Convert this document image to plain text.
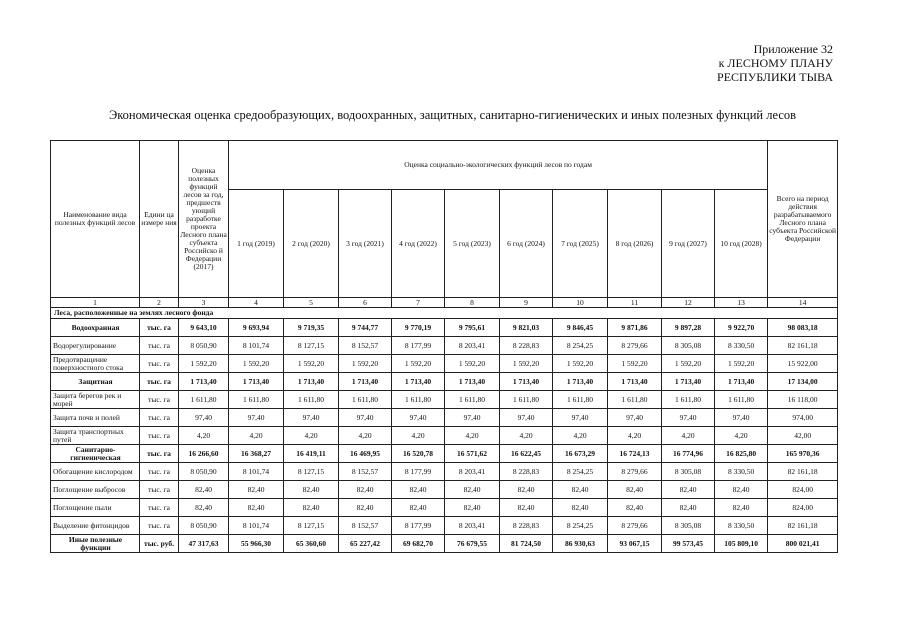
Приложение 32
к ЛЕСНОМУ ПЛАНУ
РЕСПУБЛИКИ ТЫВА
Экономическая оценка средообразующих, водоохранных, защитных, санитарно-гигиенических и иных полезных функций лесов
Наименование вида полезных функций лесов	Едини ца измере ния	Оценка полезных функций лесов за год, предшеств ующий разработке проекта Лесного плана субъекта Российско й Федерации (2017)	Оценка социально-экологических функций лесов по годам										Всего на период действия разрабатываемого Лесного плана субъекта Российской Федерации
			1 год (2019)	2 год (2020)	3 год (2021)	4 год (2022)	5 год (2023)	6 год (2024)	7 год (2025)	8 год (2026)	9 год (2027)	10 год (2028)	
1	2	3	4	5	6	7	8	9	10	11	12	13	14
Леса, расположенные на землях лесного фонда													
Водоохранная	тыс. га	9 643,10	9 693,94	9 719,35	9 744,77	9 770,19	9 795,61	9 821,03	9 846,45	9 871,86	9 897,28	9 922,70	98 083,18
Водорегулирование	тыс. га	8 050,90	8 101,74	8 127,15	8 152,57	8 177,99	8 203,41	8 228,83	8 254,25	8 279,66	8 305,08	8 330,50	82 161,18
Предотвращение поверхностного стока	тыс. га	1 592,20	1 592,20	1 592,20	1 592,20	1 592,20	1 592,20	1 592,20	1 592,20	1 592,20	1 592,20	1 592,20	15 922,00
Защитная	тыс. га	1 713,40	1 713,40	1 713,40	1 713,40	1 713,40	1 713,40	1 713,40	1 713,40	1 713,40	1 713,40	1 713,40	17 134,00
Защита берегов рек и морей	тыс. га	1 611,80	1 611,80	1 611,80	1 611,80	1 611,80	1 611,80	1 611,80	1 611,80	1 611,80	1 611,80	1 611,80	16 118,00
Защита почв и полей	тыс. га	97,40	97,40	97,40	97,40	97,40	97,40	97,40	97,40	97,40	97,40	97,40	974,00
Защита транспортных путей	тыс. га	4,20	4,20	4,20	4,20	4,20	4,20	4,20	4,20	4,20	4,20	4,20	42,00
Санитарно-гигиеническая	тыс. га	16 266,60	16 368,27	16 419,11	16 469,95	16 520,78	16 571,62	16 622,45	16 673,29	16 724,13	16 774,96	16 825,80	165 970,36
Обогащение кислородом	тыс. га	8 050,90	8 101,74	8 127,15	8 152,57	8 177,99	8 203,41	8 228,83	8 254,25	8 279,66	8 305,08	8 330,50	82 161,18
Поглощение выбросов	тыс. га	82,40	82,40	82,40	82,40	82,40	82,40	82,40	82,40	82,40	82,40	82,40	824,00
Поглощение пыли	тыс. га	82,40	82,40	82,40	82,40	82,40	82,40	82,40	82,40	82,40	82,40	82,40	824,00
Выделение фитонцидов	тыс. га	8 050,90	8 101,74	8 127,15	8 152,57	8 177,99	8 203,41	8 228,83	8 254,25	8 279,66	8 305,08	8 330,50	82 161,18
Иные полезные функции	тыс. руб.	47 317,63	55 966,30	65 360,60	65 227,42	69 682,70	76 679,55	81 724,50	86 930,63	93 067,15	99 573,45	105 809,10	800 021,41
